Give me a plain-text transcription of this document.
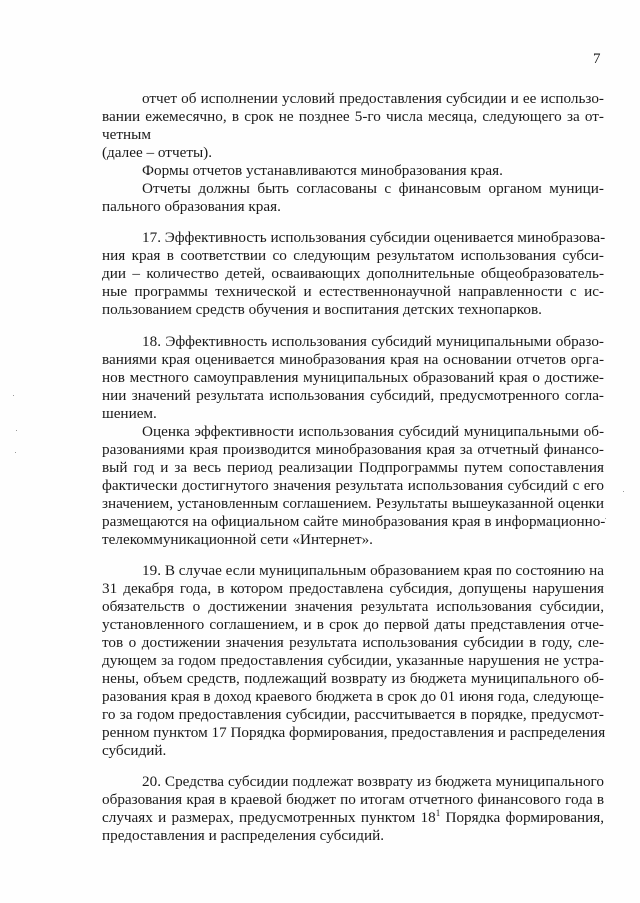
7
отчет об исполнении условий предоставления субсидии и ее использо-
вании ежемесячно, в срок не позднее 5-го числа месяца, следующего за от-
четным
(далее – отчеты).
Формы отчетов устанавливаются минобразования края.
Отчеты должны быть согласованы с финансовым органом муници-
пального образования края.
17. Эффективность использования субсидии оценивается минобразова-
ния края в соответствии со следующим результатом использования субси-
дии – количество детей, осваивающих дополнительные общеобразователь-
ные программы технической и естественнонаучной направленности с ис-
пользованием средств обучения и воспитания детских технопарков.
18. Эффективность использования субсидий муниципальными образо-
ваниями края оценивается минобразования края на основании отчетов орга-
нов местного самоуправления муниципальных образований края о достиже-
нии значений результата использования субсидий, предусмотренного согла-
шением.
Оценка эффективности использования субсидий муниципальными об-
разованиями края производится минобразования края за отчетный финансо-
вый год и за весь период реализации Подпрограммы путем сопоставления
фактически достигнутого значения результата использования субсидий с его
значением, установленным соглашением. Результаты вышеуказанной оценки
размещаются на официальном сайте минобразования края в информационно-
телекоммуникационной сети «Интернет».
19. В случае если муниципальным образованием края по состоянию на
31 декабря года, в котором предоставлена субсидия, допущены нарушения
обязательств о достижении значения результата использования субсидии,
установленного соглашением, и в срок до первой даты представления отче-
тов о достижении значения результата использования субсидии в году, сле-
дующем за годом предоставления субсидии, указанные нарушения не устра-
нены, объем средств, подлежащий возврату из бюджета муниципального об-
разования края в доход краевого бюджета в срок до 01 июня года, следующе-
го за годом предоставления субсидии, рассчитывается в порядке, предусмот-
ренном пунктом 17 Порядка формирования, предоставления и распределения
субсидий.
20. Средства субсидии подлежат возврату из бюджета муниципального
образования края в краевой бюджет по итогам отчетного финансового года в
случаях и размерах, предусмотренных пунктом $18^1$ Порядка формирования,
предоставления и распределения субсидий.
